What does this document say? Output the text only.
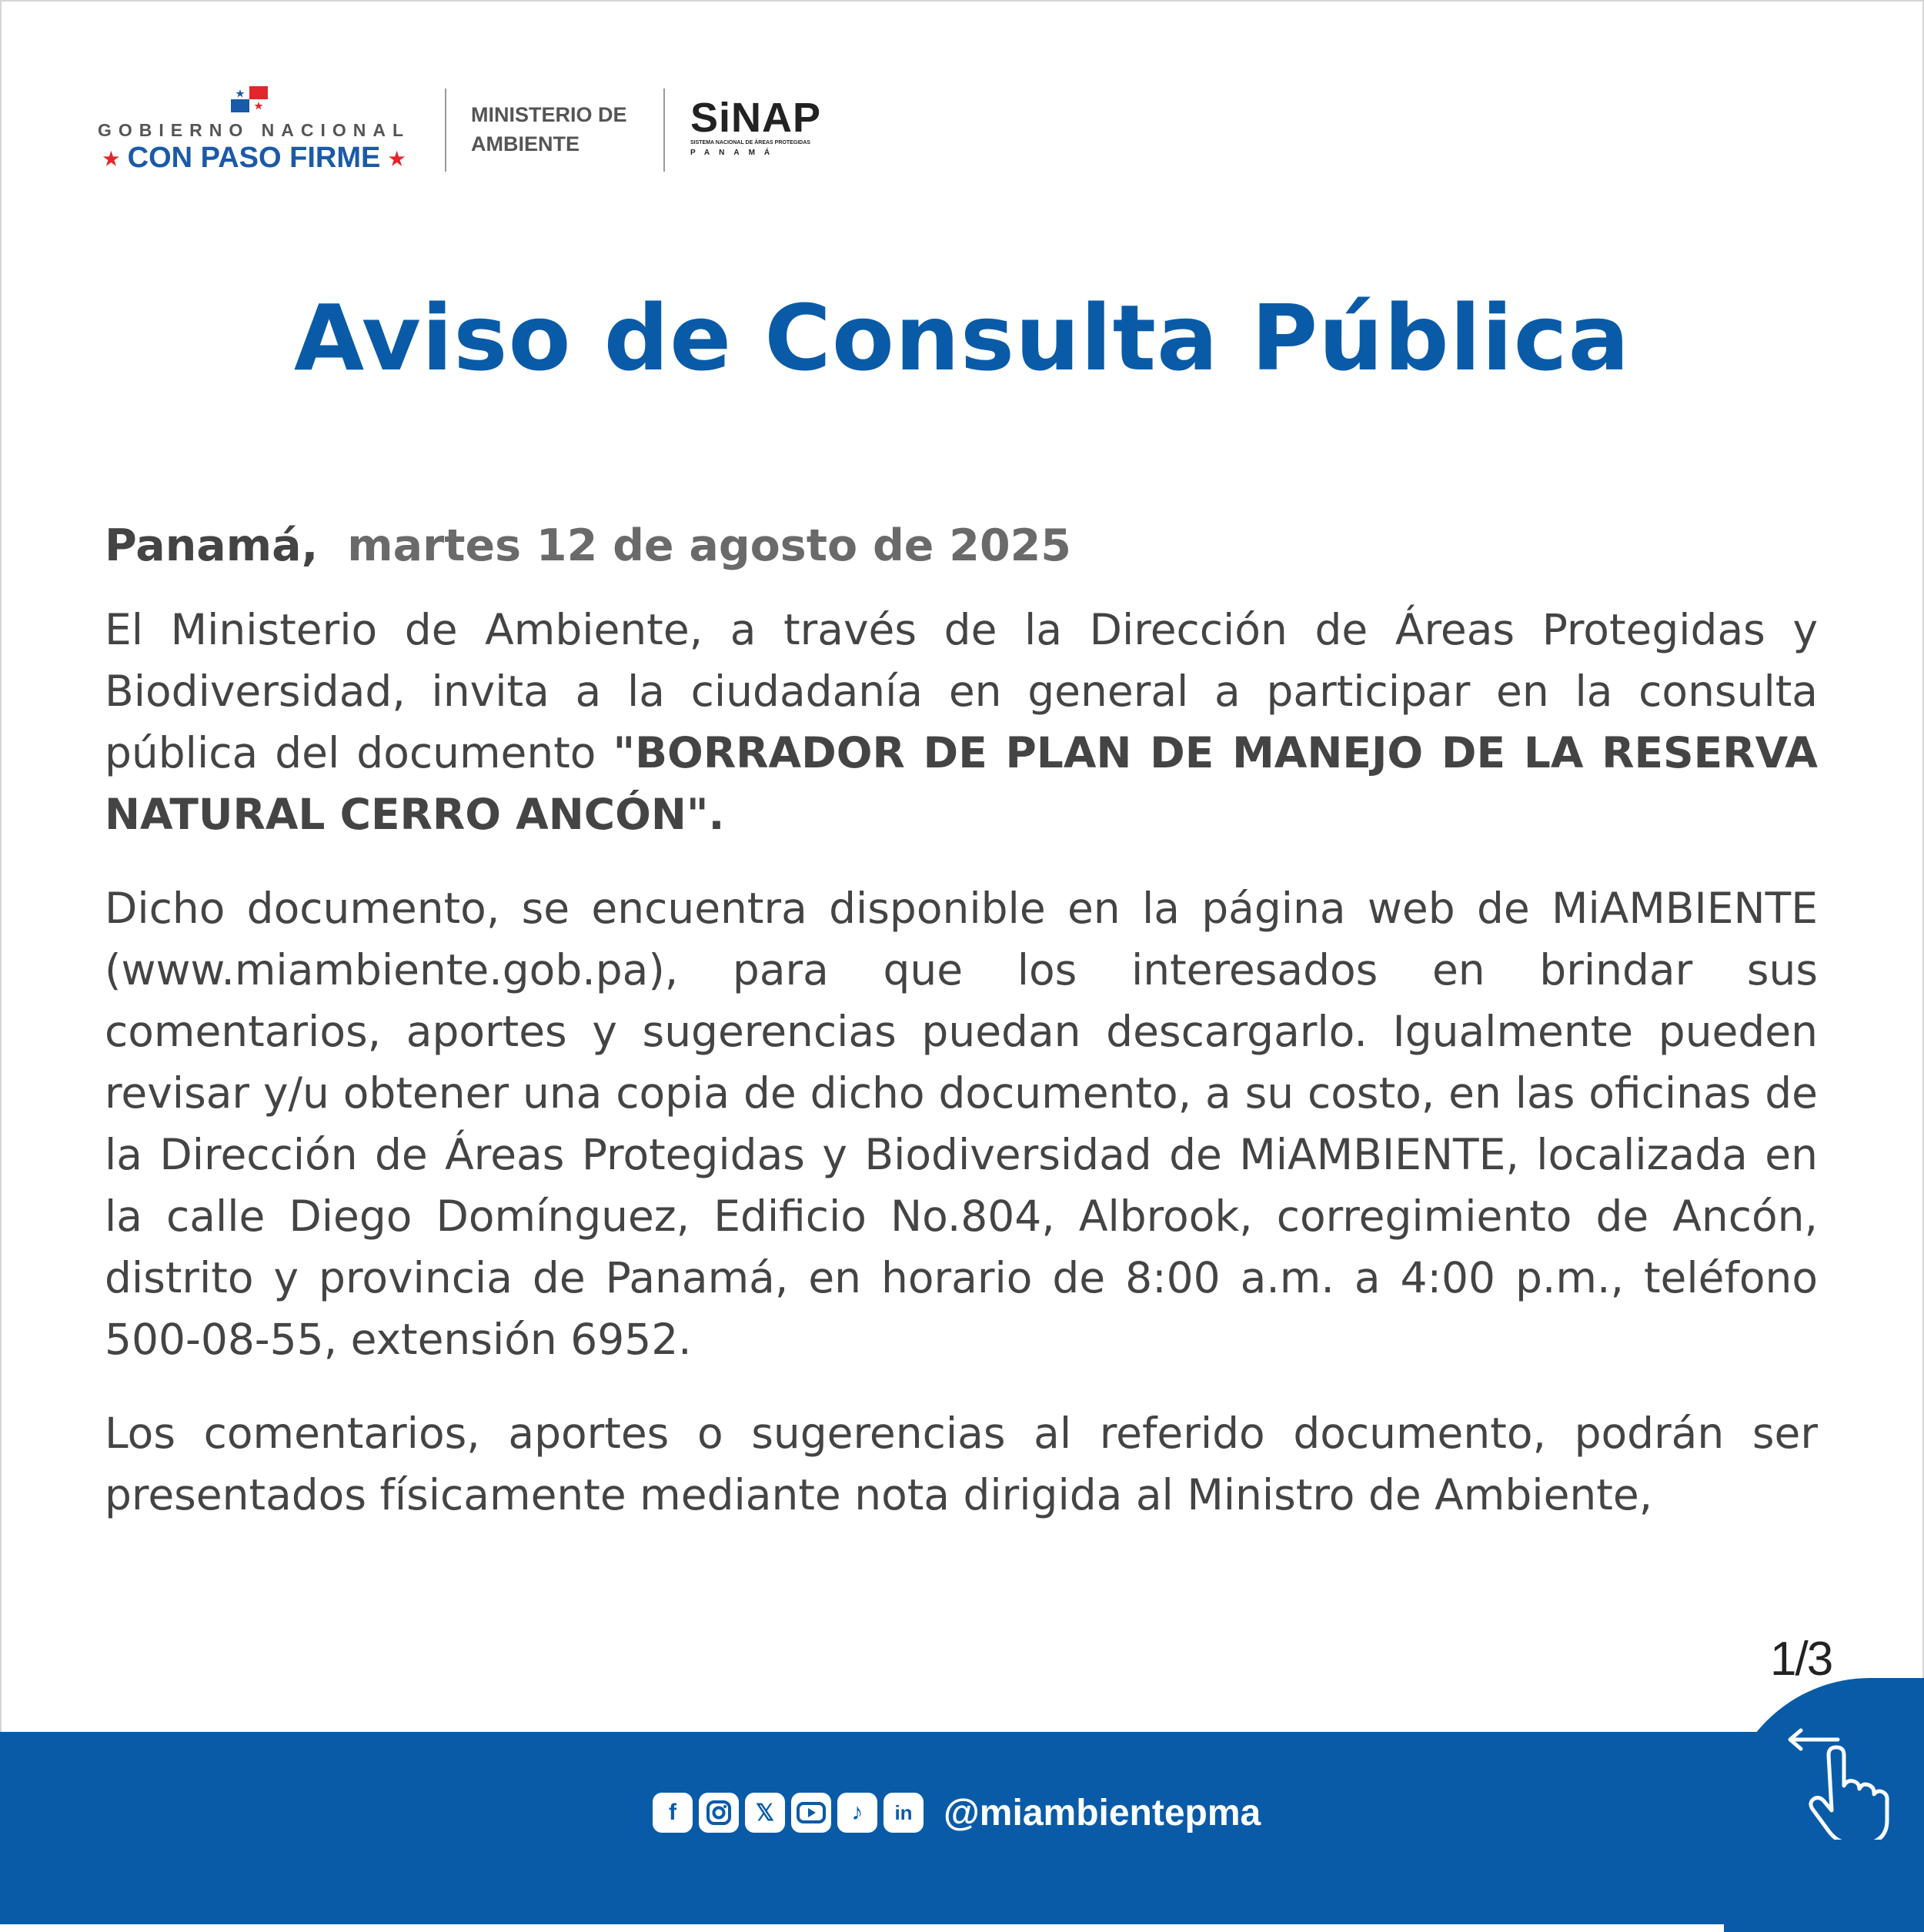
GOBIERNO NACIONAL
★ CON PASO FIRME ★
MINISTERIO DE
AMBIENTE
SiNAP
SISTEMA NACIONAL DE ÁREAS PROTEGIDAS
PANAMÁ
Aviso de Consulta Pública
Panamá, martes 12 de agosto de 2025

El Ministerio de Ambiente, a través de la Dirección de Áreas Protegidas y Biodiversidad, invita a la ciudadanía en general a participar en la consulta pública del documento "BORRADOR DE PLAN DE MANEJO DE LA RESERVA NATURAL CERRO ANCÓN".

Dicho documento, se encuentra disponible en la página web de MiAMBIENTE (www.miambiente.gob.pa), para que los interesados en brindar sus comentarios, aportes y sugerencias puedan descargarlo. Igualmente pueden revisar y/u obtener una copia de dicho documento, a su costo, en las oficinas de la Dirección de Áreas Protegidas y Biodiversidad de MiAMBIENTE, localizada en la calle Diego Domínguez, Edificio No.804, Albrook, corregimiento de Ancón, distrito y provincia de Panamá, en horario de 8:00 a.m. a 4:00 p.m., teléfono 500-08-55, extensión 6952.

Los comentarios, aportes o sugerencias al referido documento, podrán ser presentados físicamente mediante nota dirigida al Ministro de Ambiente,

1/3
f	𝕏	♪	in @miambientepma
